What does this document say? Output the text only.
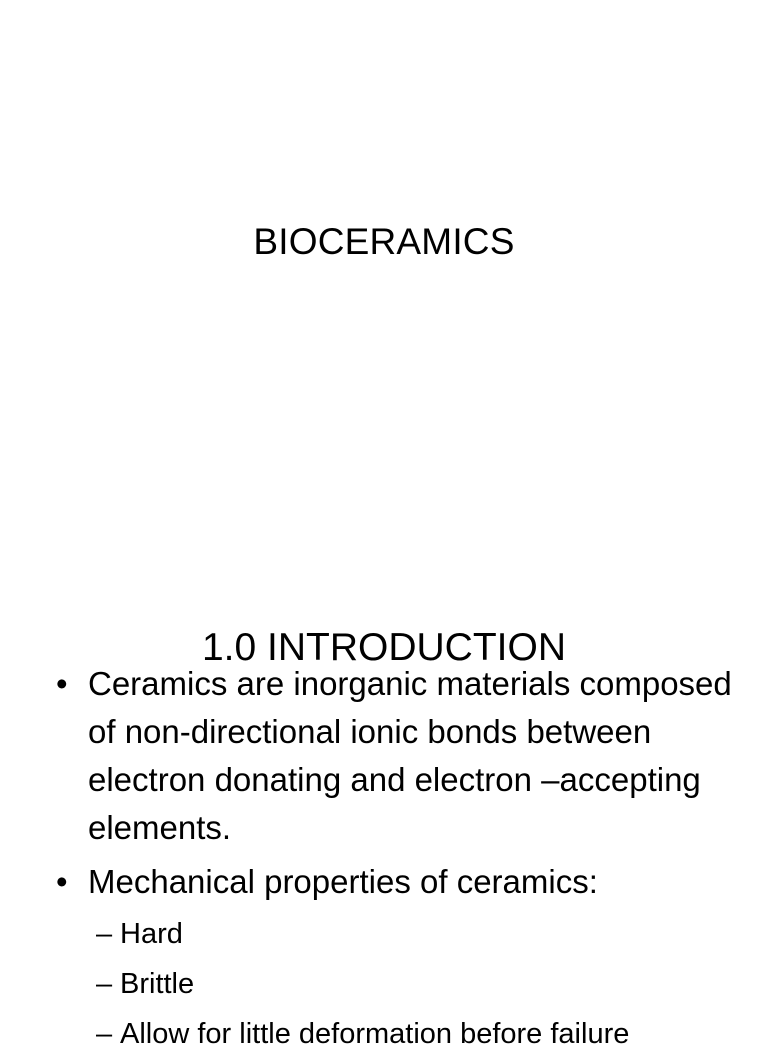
BIOCERAMICS
1.0 INTRODUCTION
• Ceramics are inorganic materials composed of non-directional ionic bonds between electron donating and electron –accepting elements.
• Mechanical properties of ceramics:
– Hard
– Brittle
– Allow for little deformation before failure
